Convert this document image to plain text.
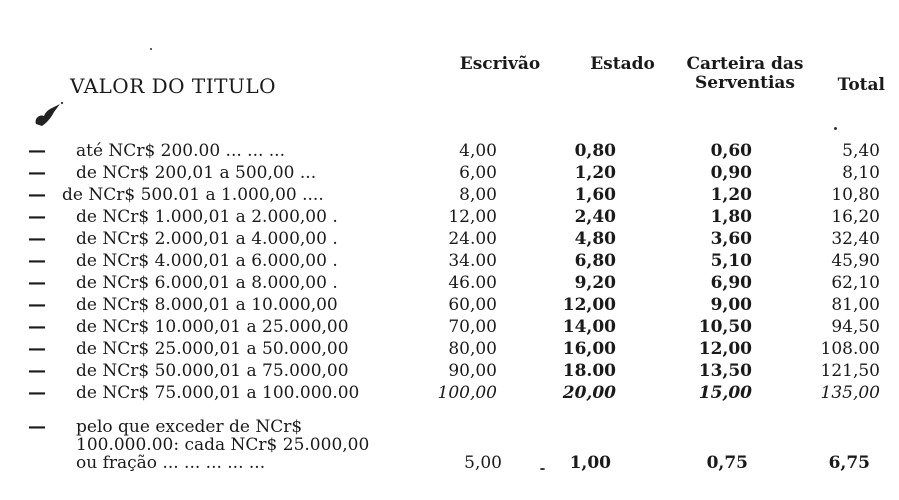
VALOR DO TITULO
Escrivão	Estado	Carteira das Serventias	Total
—	até NCr$ 200.00 ... ... ...	4,00	0,80	0,60	5,40
—	de NCr$ 200,01 a 500,00 ...	6,00	1,20	0,90	8,10
— de NCr$ 500.01 a 1.000,00 ....	8,00	1,60	1,20	10,80
—	de NCr$ 1.000,01 a 2.000,00 .	12,00	2,40	1,80	16,20
—	de NCr$ 2.000,01 a 4.000,00 .	24.00	4,80	3,60	32,40
—	de NCr$ 4.000,01 a 6.000,00 .	34.00	6,80	5,10	45,90
—	de NCr$ 6.000,01 a 8.000,00 .	46.00	9,20	6,90	62,10
—	de NCr$ 8.000,01 a 10.000,00	60,00	12,00	9,00	81,00
—	de NCr$ 10.000,01 a 25.000,00	70,00	14,00	10,50	94,50
—	de NCr$ 25.000,01 a 50.000,00	80,00	16,00	12,00	108.00
—	de NCr$ 50.000,01 a 75.000,00	90,00	18.00	13,50	121,50
—	de NCr$ 75.000,01 a 100.000.00	100,00	20,00	15,00	135,00
—	pelo que exceder de NCr$
100.000.00: cada NCr$ 25.000,00
ou fração ... ... ... ... ...	5,00	1,00	0,75	6,75
